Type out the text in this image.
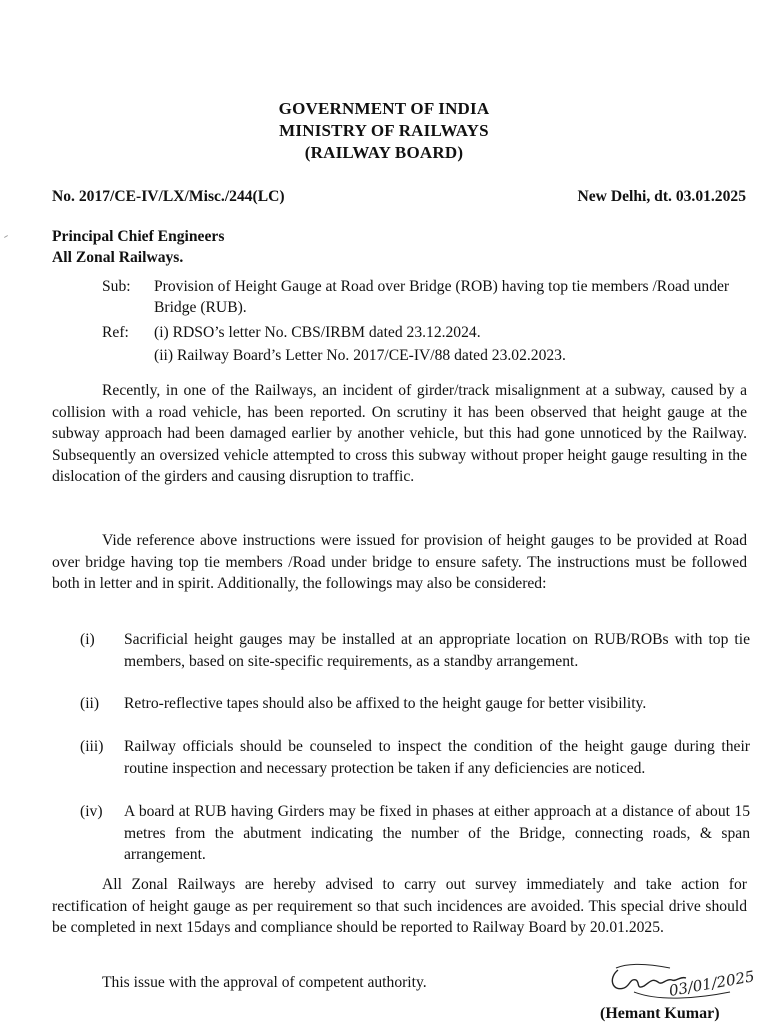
GOVERNMENT OF INDIA
MINISTRY OF RAILWAYS
(RAILWAY BOARD)
No. 2017/CE-IV/LX/Misc./244(LC)	New Delhi, dt. 03.01.2025
Principal Chief Engineers
All Zonal Railways.
Sub: Provision of Height Gauge at Road over Bridge (ROB) having top tie members /Road under Bridge (RUB).
Ref: (i) RDSO’s letter No. CBS/IRBM dated 23.12.2024.
(ii) Railway Board’s Letter No. 2017/CE-IV/88 dated 23.02.2023.
Recently, in one of the Railways, an incident of girder/track misalignment at a subway, caused by a collision with a road vehicle, has been reported. On scrutiny it has been observed that height gauge at the subway approach had been damaged earlier by another vehicle, but this had gone unnoticed by the Railway. Subsequently an oversized vehicle attempted to cross this subway without proper height gauge resulting in the dislocation of the girders and causing disruption to traffic.
Vide reference above instructions were issued for provision of height gauges to be provided at Road over bridge having top tie members /Road under bridge to ensure safety. The instructions must be followed both in letter and in spirit. Additionally, the followings may also be considered:
(i)	Sacrificial height gauges may be installed at an appropriate location on RUB/ROBs with top tie members, based on site-specific requirements, as a standby arrangement.
(ii)	Retro-reflective tapes should also be affixed to the height gauge for better visibility.
(iii)	Railway officials should be counseled to inspect the condition of the height gauge during their routine inspection and necessary protection be taken if any deficiencies are noticed.
(iv)	A board at RUB having Girders may be fixed in phases at either approach at a distance of about 15 metres from the abutment indicating the number of the Bridge, connecting roads, & span arrangement.
All Zonal Railways are hereby advised to carry out survey immediately and take action for rectification of height gauge as per requirement so that such incidences are avoided. This special drive should be completed in next 15days and compliance should be reported to Railway Board by 20.01.2025.
This issue with the approval of competent authority.	03/01/2025
(Hemant Kumar)
